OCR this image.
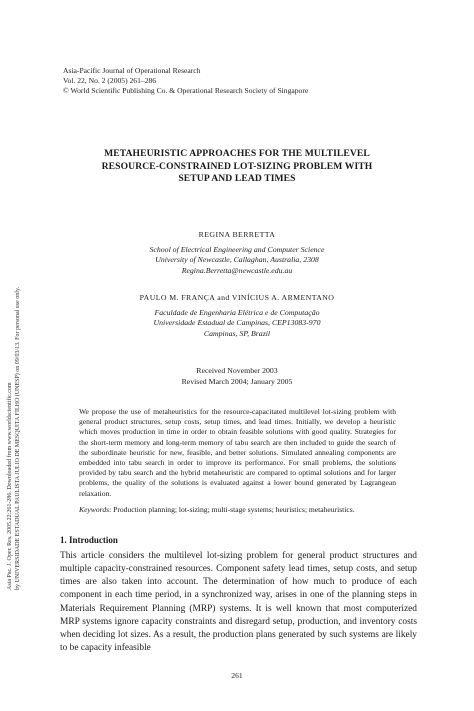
Asia Pac. J. Oper. Res. 2005.22:261-286. Downloaded from www.worldscientific.com by UNIVERSIDADE ESTADUAL PAULISTA JULIO DE MESQUITA FILHO (UNESP) on 09/03/13. For personal use only.
Asia-Pacific Journal of Operational Research
Vol. 22, No. 2 (2005) 261–286
© World Scientific Publishing Co. & Operational Research Society of Singapore
METAHEURISTIC APPROACHES FOR THE MULTILEVEL
RESOURCE-CONSTRAINED LOT-SIZING PROBLEM WITH
SETUP AND LEAD TIMES
REGINA BERRETTA
School of Electrical Engineering and Computer Science
University of Newcastle, Callaghan, Australia, 2308
Regina.Berretta@newcastle.edu.au
PAULO M. FRANÇA and VINÍCIUS A. ARMENTANO
Faculdade de Engenharia Elétrica e de Computação
Universidade Estadual de Campinas, CEP13083-970
Campinas, SP, Brazil
Received November 2003
Revised March 2004; January 2005

We propose the use of metaheuristics for the resource-capacitated multilevel lot-sizing problem with general product structures, setup costs, setup times, and lead times. Initially, we develop a heuristic which moves production in time in order to obtain feasible solutions with good quality. Strategies for the short-term memory and long-term memory of tabu search are then included to guide the search of the subordinate heuristic for new, feasible, and better solutions. Simulated annealing components are embedded into tabu search in order to improve its performance. For small problems, the solutions provided by tabu search and the hybrid metaheuristic are compared to optimal solutions and for larger problems, the quality of the solutions is evaluated against a lower bound generated by Lagrangean relaxation.

Keywords: Production planning; lot-sizing; multi-stage systems; heuristics; metaheuristics.

1. Introduction

This article considers the multilevel lot-sizing problem for general product structures and multiple capacity-constrained resources. Component safety lead times, setup costs, and setup times are also taken into account. The determination of how much to produce of each component in each time period, in a synchronized way, arises in one of the planning steps in Materials Requirement Planning (MRP) systems. It is well known that most computerized MRP systems ignore capacity constraints and disregard setup, production, and inventory costs when deciding lot sizes. As a result, the production plans generated by such systems are likely to be capacity infeasible

261
